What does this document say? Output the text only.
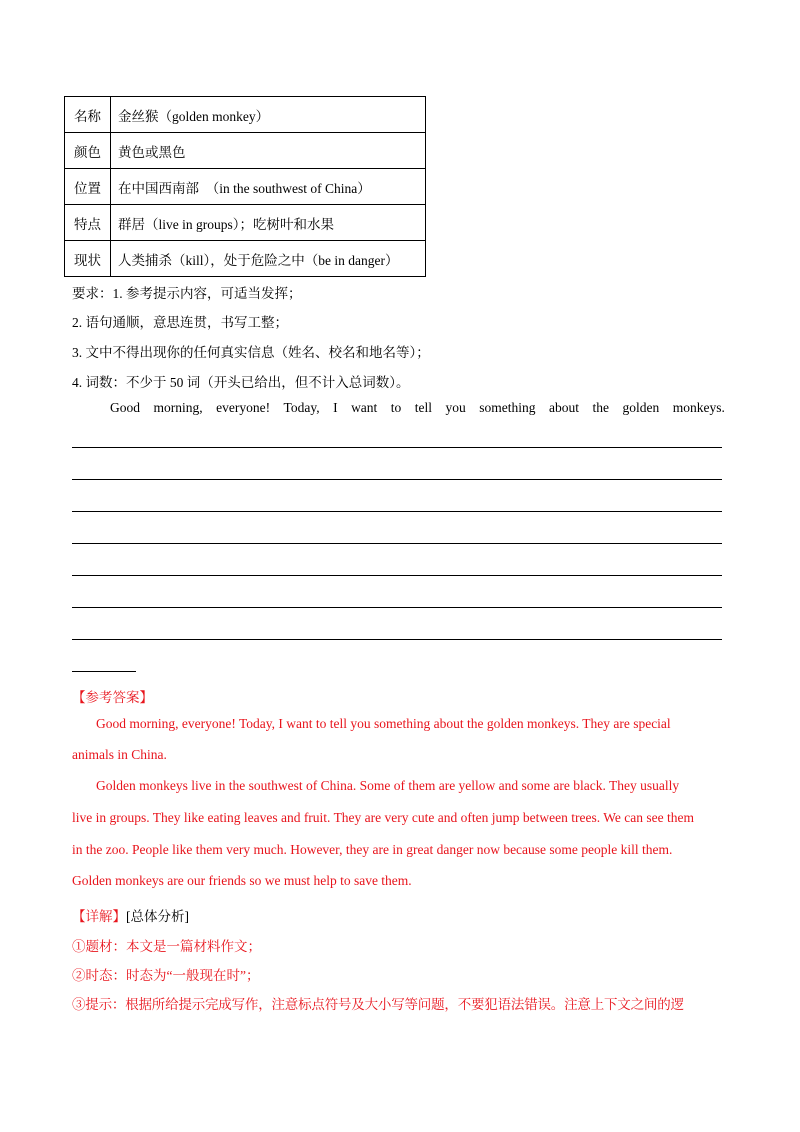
名称	金丝猴（golden monkey）
颜色	黄色或黑色
位置	在中国西南部　（in the southwest of China）
特点	群居（live in groups）；吃树叶和水果
现状	人类捕杀（kill），处于危险之中（be in danger）
要求：1. 参考提示内容，可适当发挥；
2. 语句通顺，意思连贯，书写工整；
3. 文中不得出现你的任何真实信息（姓名、校名和地名等）；
4. 词数：不少于 50 词（开头已给出，但不计入总词数）。
Good morning, everyone! Today, I want to tell you something about the golden monkeys.
【参考答案】
Good morning, everyone! Today, I want to tell you something about the golden monkeys. They are special
animals in China.
Golden monkeys live in the southwest of China. Some of them are yellow and some are black. They usually
live in groups. They like eating leaves and fruit. They are very cute and often jump between trees. We can see them
in the zoo. People like them very much. However, they are in great danger now because some people kill them.
Golden monkeys are our friends so we must help to save them.
【详解】[总体分析]
①题材：本文是一篇材料作文；
②时态：时态为“一般现在时”；
③提示：根据所给提示完成写作，注意标点符号及大小写等问题，不要犯语法错误。注意上下文之间的逻
